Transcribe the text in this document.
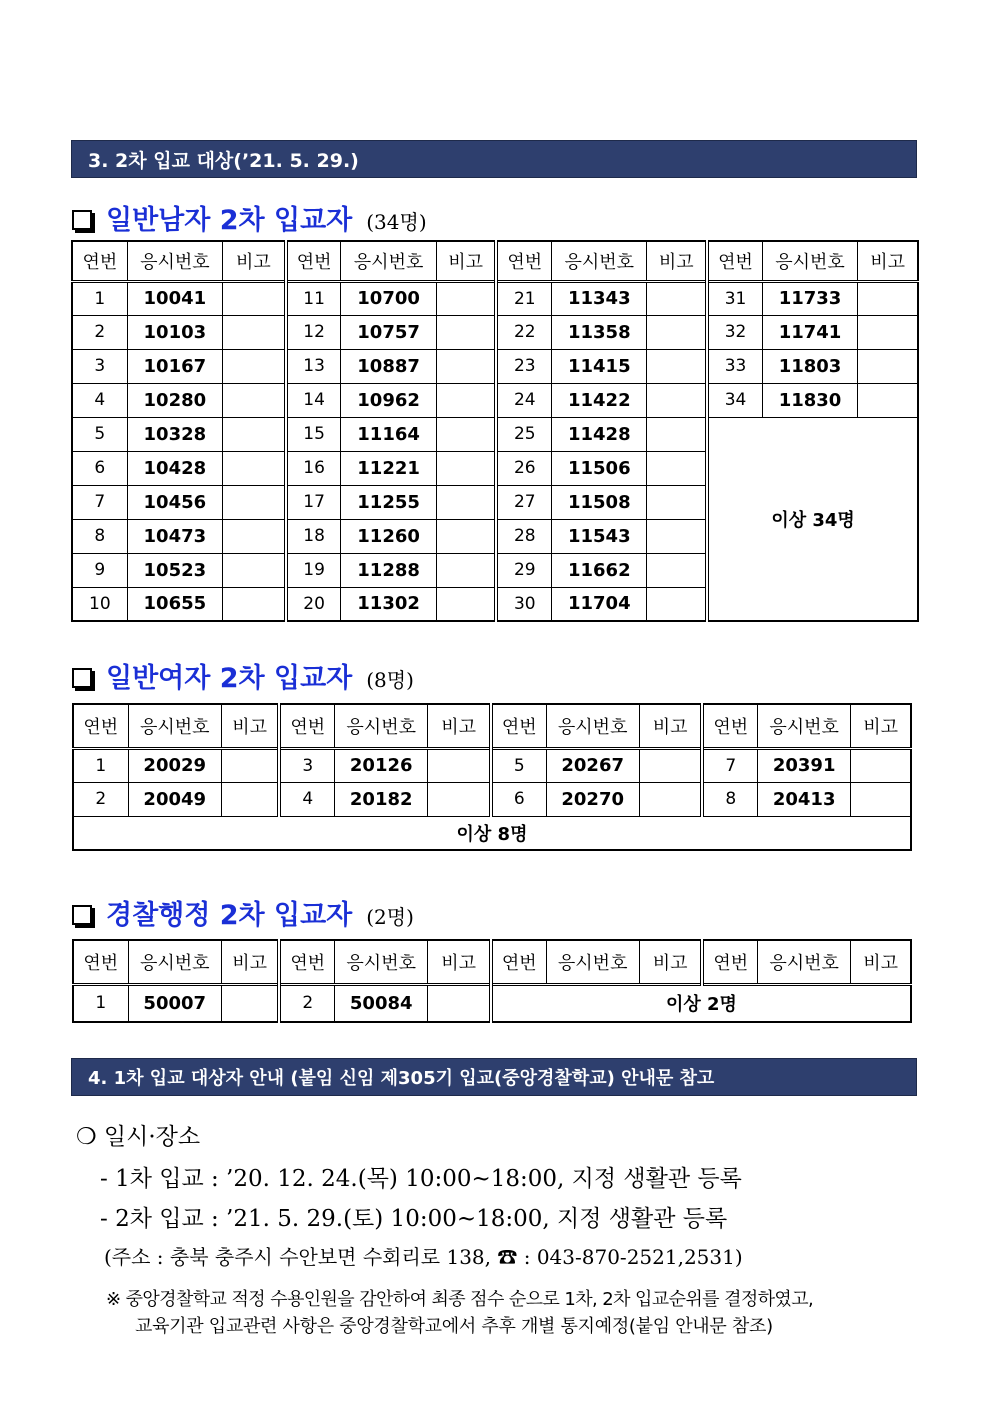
3. 2차 입교 대상(’21. 5. 29.)
일반남자 2차 입교자 (34명)
연번	응시번호	비고	연번	응시번호	비고	연번	응시번호	비고	연번	응시번호	비고
1	10041		11	10700		21	11343		31	11733	
2	10103		12	10757		22	11358		32	11741	
3	10167		13	10887		23	11415		33	11803	
4	10280		14	10962		24	11422		34	11830	
5	10328		15	11164		25	11428		이상 34명		
6	10428		16	11221		26	11506				
7	10456		17	11255		27	11508				
8	10473		18	11260		28	11543				
9	10523		19	11288		29	11662				
10	10655		20	11302		30	11704				
일반여자 2차 입교자 (8명)
연번	응시번호	비고	연번	응시번호	비고	연번	응시번호	비고	연번	응시번호	비고
1	20029		3	20126		5	20267		7	20391	
2	20049		4	20182		6	20270		8	20413	
이상 8명											
경찰행정 2차 입교자 (2명)
연번	응시번호	비고	연번	응시번호	비고	연번	응시번호	비고	연번	응시번호	비고
1	50007		2	50084		이상 2명					
4. 1차 입교 대상자 안내 (붙임 신임 제305기 입교(중앙경찰학교) 안내문 참고
❍ 일시·장소
- 1차 입교 : ’20. 12. 24.(목) 10:00~18:00, 지정 생활관 등록
- 2차 입교 : ’21. 5. 29.(토) 10:00~18:00, 지정 생활관 등록
(주소 : 충북 충주시 수안보면 수회리로 138, ☎ : 043-870-2521,2531)
※ 중앙경찰학교 적정 수용인원을 감안하여 최종 점수 순으로 1차, 2차 입교순위를 결정하였고,
교육기관 입교관련 사항은 중앙경찰학교에서 추후 개별 통지예정(붙임 안내문 참조)
